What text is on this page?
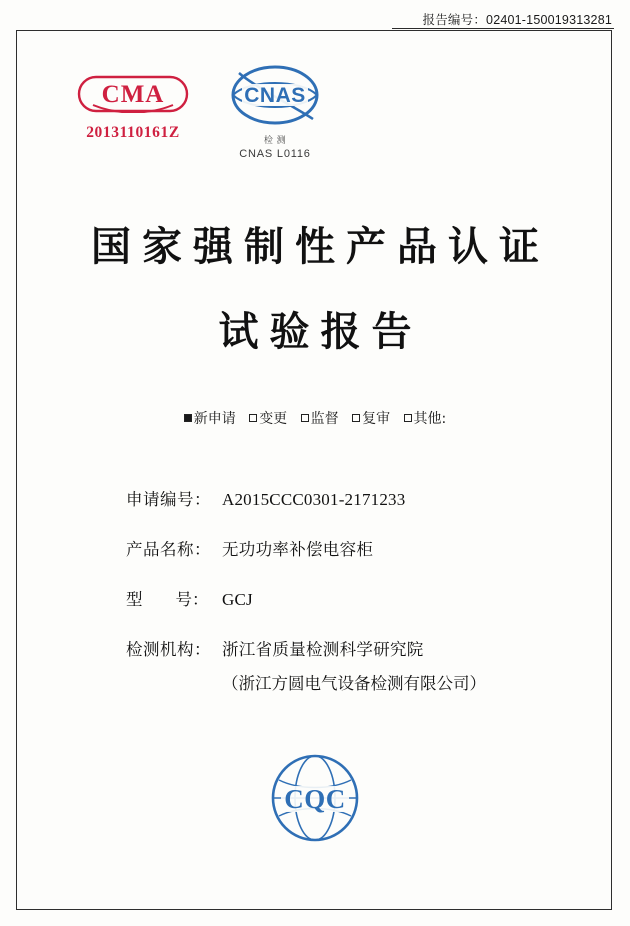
报告编号：02401-150019313281
CMA
2013110161Z
CNAS
检 测
CNAS L0116
国家强制性产品认证
试验报告
新申请 变更 监督 复审 其他:
申请编号： A2015CCC0301-2171233
产品名称： 无功功率补偿电容柜
型　　号： GCJ
检测机构： 浙江省质量检测科学研究院
（浙江方圆电气设备检测有限公司）
CQC
